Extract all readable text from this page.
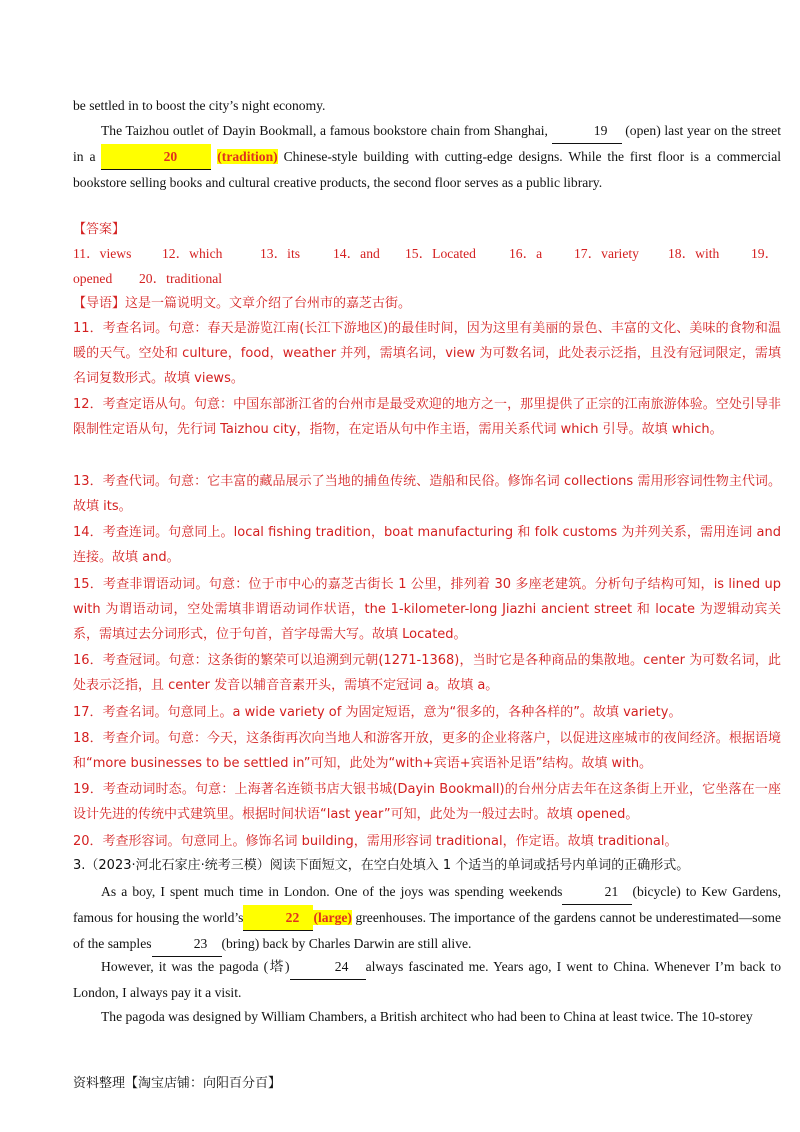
be settled in to boost the city’s night economy.
The Taizhou outlet of Dayin Bookmall, a famous bookstore chain from Shanghai,	19 (open) last year on the street in a	20	(tradition) Chinese-style building with cutting-edge designs. While the first floor is a commercial bookstore selling books and cultural creative products, the second floor serves as a public library.
【答案】
11．views 12．which	13．its 14．and 15．Located 16．a 17．variety 18．with 19．
opened 20．traditional
【导语】这是一篇说明文。文章介绍了台州市的嘉芝古街。
11．考查名词。句意：春天是游览江南(长江下游地区)的最佳时间，因为这里有美丽的景色、丰富的文化、美味的食物和温暖的天气。空处和 culture，food，weather 并列，需填名词，view 为可数名词，此处表示泛指，且没有冠词限定，需填名词复数形式。故填 views。
12．考查定语从句。句意：中国东部浙江省的台州市是最受欢迎的地方之一，那里提供了正宗的江南旅游体验。空处引导非限制性定语从句，先行词 Taizhou city，指物，在定语从句中作主语，需用关系代词 which 引导。故填 which。
13．考查代词。句意：它丰富的藏品展示了当地的捕鱼传统、造船和民俗。修饰名词 collections 需用形容词性物主代词。故填 its。
14．考查连词。句意同上。local fishing tradition，boat manufacturing 和 folk customs 为并列关系，需用连词 and 连接。故填 and。
15．考查非谓语动词。句意：位于市中心的嘉芝古街长 1 公里，排列着 30 多座老建筑。分析句子结构可知，is lined up with 为谓语动词，空处需填非谓语动词作状语，the 1-kilometer-long Jiazhi ancient street 和 locate 为逻辑动宾关系，需填过去分词形式，位于句首，首字母需大写。故填 Located。
16．考查冠词。句意：这条街的繁荣可以追溯到元朝(1271-1368)，当时它是各种商品的集散地。center 为可数名词，此处表示泛指，且 center 发音以辅音音素开头，需填不定冠词 a。故填 a。
17．考查名词。句意同上。a wide variety of 为固定短语，意为“很多的，各种各样的”。故填 variety。
18．考查介词。句意：今天，这条街再次向当地人和游客开放，更多的企业将落户，以促进这座城市的夜间经济。根据语境和“more businesses to be settled in”可知，此处为“with+宾语+宾语补足语”结构。故填 with。
19．考查动词时态。句意：上海著名连锁书店大银书城(Dayin Bookmall)的台州分店去年在这条街上开业，它坐落在一座设计先进的传统中式建筑里。根据时间状语“last year”可知，此处为一般过去时。故填 opened。
20．考查形容词。句意同上。修饰名词 building，需用形容词 traditional，作定语。故填 traditional。
3.（2023·河北石家庄·统考三模）阅读下面短文，在空白处填入 1 个适当的单词或括号内单词的正确形式。
As a boy, I spent much time in London. One of the joys was spending weekends	21 (bicycle) to Kew Gardens, famous for housing the world’s	22 (large) greenhouses. The importance of the gardens cannot be underestimated—some of the samples	23 (bring) back by Charles Darwin are still alive.
However, it was the pagoda (塔)	24 always fascinated me. Years ago, I went to China. Whenever I’m back to London, I always pay it a visit.
The pagoda was designed by William Chambers, a British architect who had been to China at least twice. The 10-storey
资料整理【淘宝店铺：向阳百分百】
